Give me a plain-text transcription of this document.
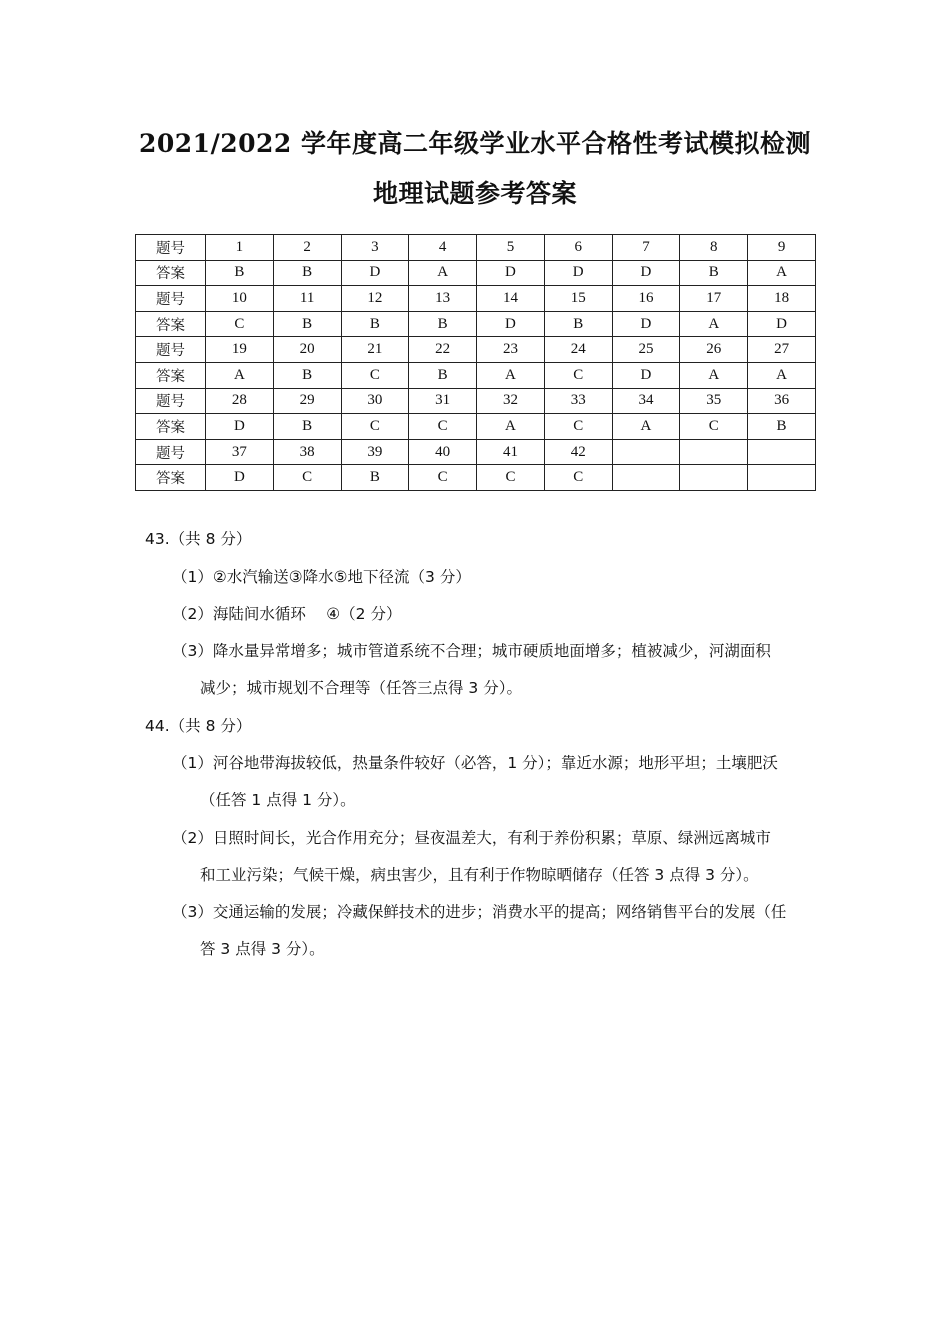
2021/2022 学年度高二年级学业水平合格性考试模拟检测
地理试题参考答案
题号	1	2	3	4	5	6	7	8	9
答案	B	B	D	A	D	D	D	B	A
题号	10	11	12	13	14	15	16	17	18
答案	C	B	B	B	D	B	D	A	D
题号	19	20	21	22	23	24	25	26	27
答案	A	B	C	B	A	C	D	A	A
题号	28	29	30	31	32	33	34	35	36
答案	D	B	C	C	A	C	A	C	B
题号	37	38	39	40	41	42			
答案	D	C	B	C	C	C			
43.（共 8 分）
（1）②水汽输送③降水⑤地下径流（3 分）
（2）海陆间水循环　 ④（2 分）
（3）降水量异常增多；城市管道系统不合理；城市硬质地面增多；植被减少，河湖面积
减少；城市规划不合理等（任答三点得 3 分）。
44.（共 8 分）
（1）河谷地带海拔较低，热量条件较好（必答，1 分）；靠近水源；地形平坦；土壤肥沃
（任答 1 点得 1 分）。
（2）日照时间长，光合作用充分；昼夜温差大，有利于养份积累；草原、绿洲远离城市
和工业污染；气候干燥，病虫害少，且有利于作物晾晒储存（任答 3 点得 3 分）。
（3）交通运输的发展；冷藏保鲜技术的进步；消费水平的提高；网络销售平台的发展（任
答 3 点得 3 分）。
